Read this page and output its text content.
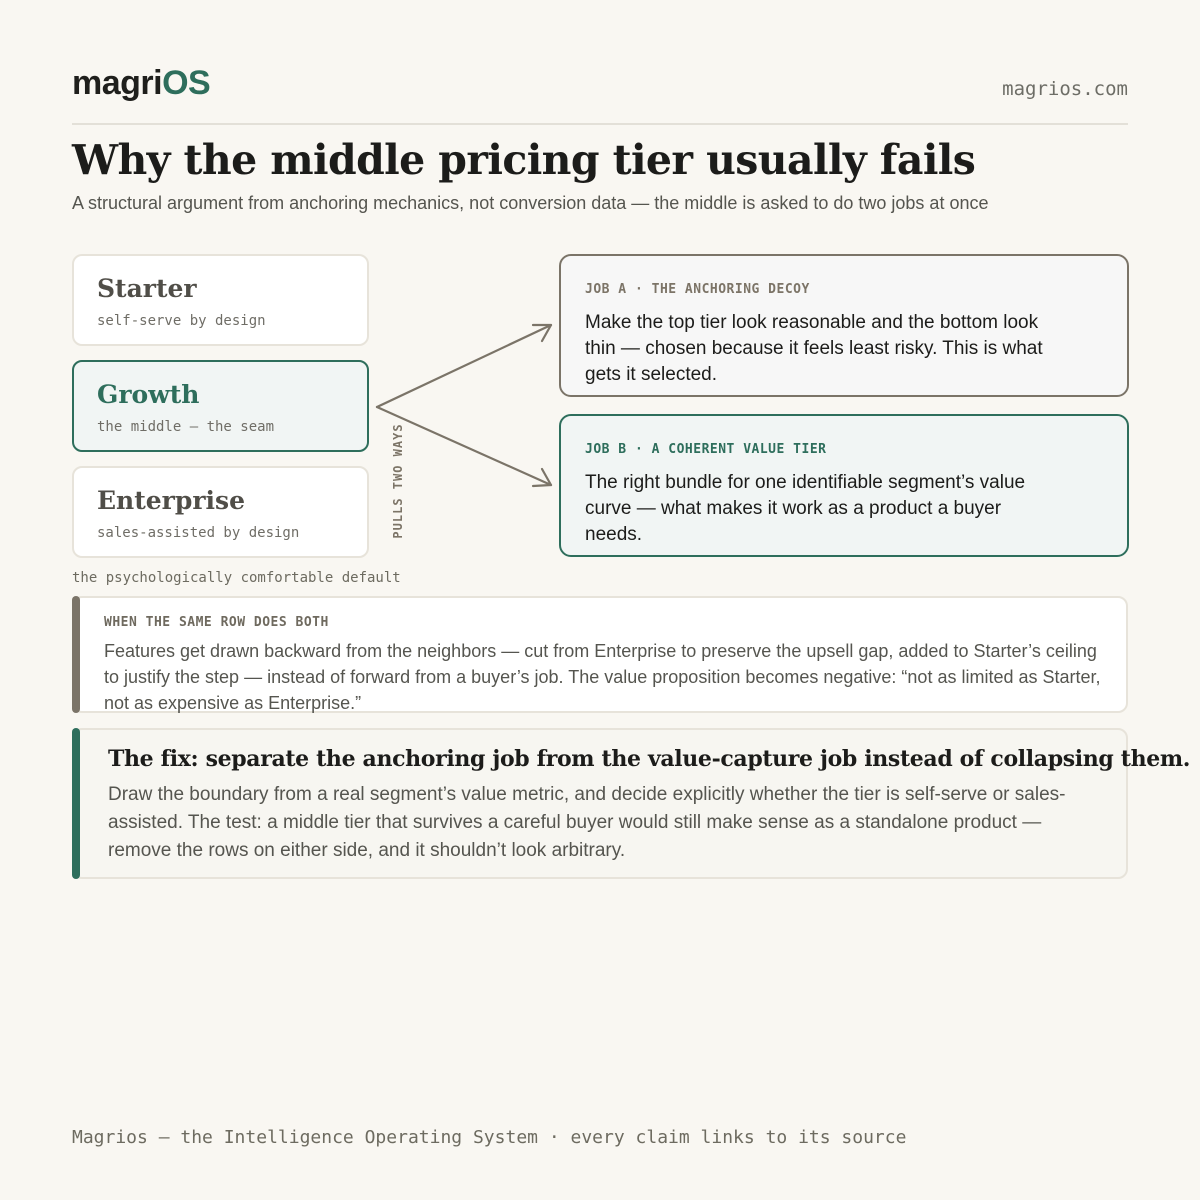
magriOS	magrios.com
Why the middle pricing tier usually fails
A structural argument from anchoring mechanics, not conversion data — the middle is asked to do two jobs at once
Starter
self-serve by design
Growth
the middle — the seam
Enterprise
sales-assisted by design
the psychologically comfortable default
PULLS TWO WAYS
JOB A · THE ANCHORING DECOY
Make the top tier look reasonable and the bottom look thin — chosen because it feels least risky. This is what gets it selected.
JOB B · A COHERENT VALUE TIER
The right bundle for one identifiable segment’s value curve — what makes it work as a product a buyer needs.
WHEN THE SAME ROW DOES BOTH
Features get drawn backward from the neighbors — cut from Enterprise to preserve the upsell gap, added to Starter’s ceiling to justify the step — instead of forward from a buyer’s job. The value proposition becomes negative: “not as limited as Starter, not as expensive as Enterprise.”
The fix: separate the anchoring job from the value-capture job instead of collapsing them.
Draw the boundary from a real segment’s value metric, and decide explicitly whether the tier is self-serve or sales-assisted. The test: a middle tier that survives a careful buyer would still make sense as a standalone product — remove the rows on either side, and it shouldn’t look arbitrary.
Magrios — the Intelligence Operating System · every claim links to its source
